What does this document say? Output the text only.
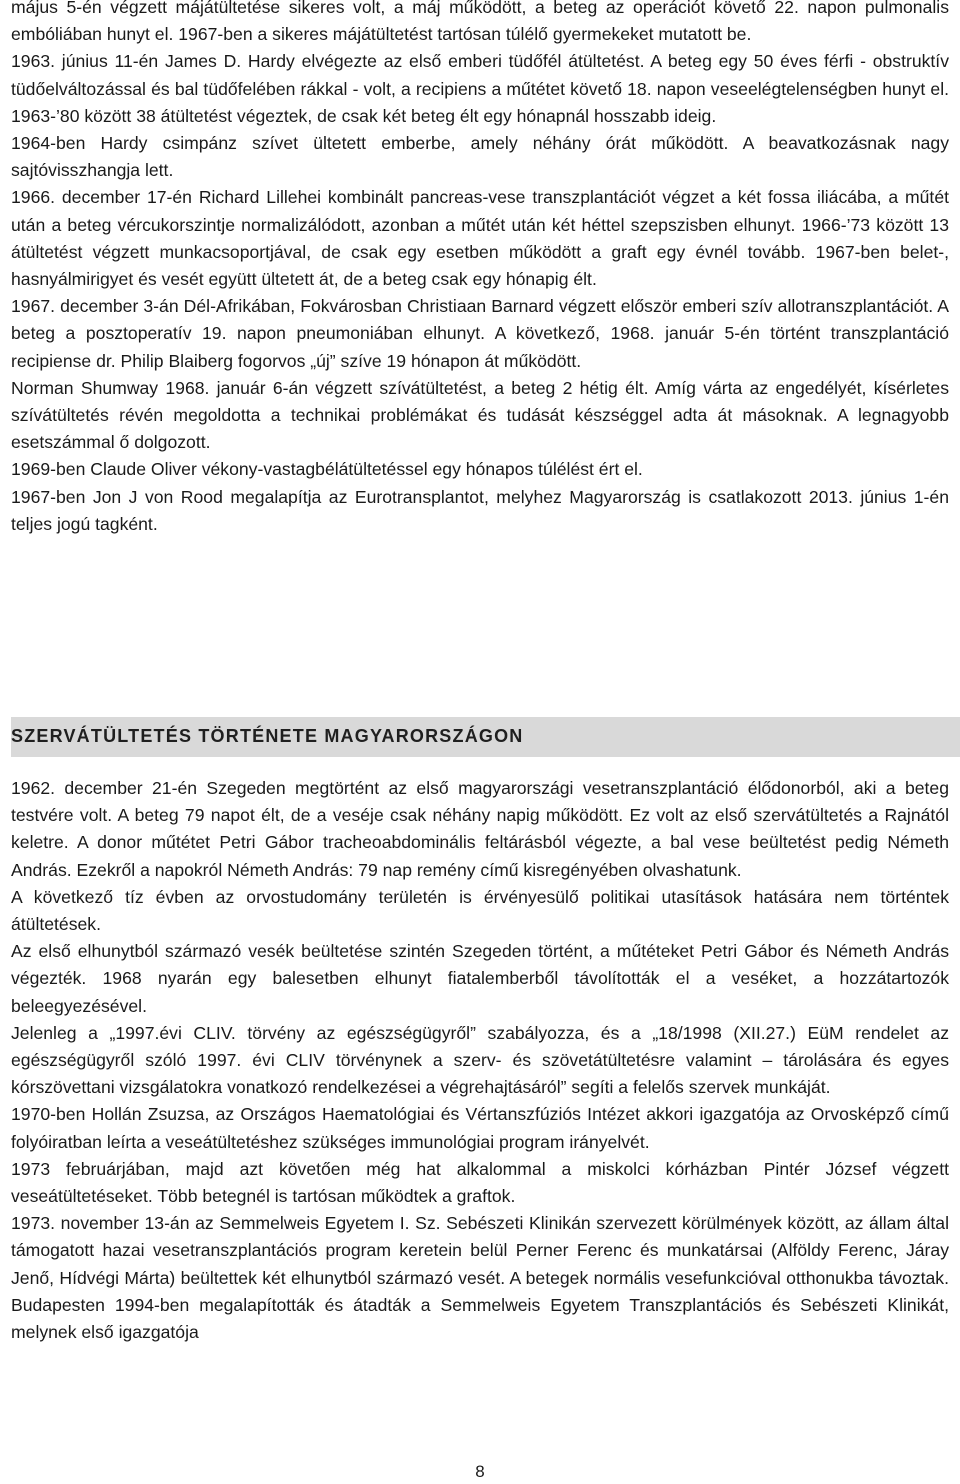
május 5-én végzett májátültetése sikeres volt, a máj működött, a beteg az operációt követő 22. napon pulmonalis embóliában hunyt el. 1967-ben a sikeres májátültetést tartósan túlélő gyermekeket mutatott be.

1963. június 11-én James D. Hardy elvégezte az első emberi tüdőfél átültetést. A beteg egy 50 éves férfi - obstruktív tüdőelváltozással és bal tüdőfelében rákkal - volt, a recipiens a műtétet követő 18. napon veseelégtelenségben hunyt el. 1963-’80 között 38 átültetést végeztek, de csak két beteg élt egy hónapnál hosszabb ideig.

1964-ben Hardy csimpánz szívet ültetett emberbe, amely néhány órát működött. A beavatkozásnak nagy sajtóvisszhangja lett.

1966. december 17-én Richard Lillehei kombinált pancreas-vese transzplantációt végzet a két fossa iliácába, a műtét után a beteg vércukorszintje normalizálódott, azonban a műtét után két héttel szepszisben elhunyt. 1966-’73 között 13 átültetést végzett munkacsoportjával, de csak egy esetben működött a graft egy évnél tovább. 1967-ben belet-, hasnyálmirigyet és vesét együtt ültetett át, de a beteg csak egy hónapig élt.

1967. december 3-án Dél-Afrikában, Fokvárosban Christiaan Barnard végzett először emberi szív allotranszplantációt. A beteg a posztoperatív 19. napon pneumoniában elhunyt. A következő, 1968. január 5-én történt transzplantáció recipiense dr. Philip Blaiberg fogorvos „új” szíve 19 hónapon át működött.

Norman Shumway 1968. január 6-án végzett szívátültetést, a beteg 2 hétig élt. Amíg várta az engedélyét, kísérletes szívátültetés révén megoldotta a technikai problémákat és tudását készséggel adta át másoknak. A legnagyobb esetszámmal ő dolgozott.

1969-ben Claude Oliver vékony-vastagbélátültetéssel egy hónapos túlélést ért el.

1967-ben Jon J von Rood megalapítja az Eurotransplantot, melyhez Magyarország is csatlakozott 2013. június 1-én teljes jogú tagként.

SZERVÁTÜLTETÉS TÖRTÉNETE MAGYARORSZÁGON

1962. december 21-én Szegeden megtörtént az első magyarországi vesetranszplantáció élődonorból, aki a beteg testvére volt. A beteg 79 napot élt, de a veséje csak néhány napig működött. Ez volt az első szervátültetés a Rajnától keletre. A donor műtétet Petri Gábor tracheoabdominális feltárásból végezte, a bal vese beültetést pedig Németh András. Ezekről a napokról Németh András: 79 nap remény című kisregényében olvashatunk.

A következő tíz évben az orvostudomány területén is érvényesülő politikai utasítások hatására nem történtek átültetések.

Az első elhunytból származó vesék beültetése szintén Szegeden történt, a műtéteket Petri Gábor és Németh András végezték. 1968 nyarán egy balesetben elhunyt fiatalemberből távolították el a veséket, a hozzátartozók beleegyezésével.

Jelenleg a „1997.évi CLIV. törvény az egészségügyről” szabályozza, és a „18/1998 (XII.27.) EüM rendelet az egészségügyről szóló 1997. évi CLIV törvénynek a szerv- és szövetátültetésre valamint – tárolására és egyes kórszövettani vizsgálatokra vonatkozó rendelkezései a végrehajtásáról” segíti a felelős szervek munkáját.

1970-ben Hollán Zsuzsa, az Országos Haematológiai és Vértanszfúziós Intézet akkori igazgatója az Orvosképző című folyóiratban leírta a veseátültetéshez szükséges immunológiai program irányelvét.

1973 februárjában, majd azt követően még hat alkalommal a miskolci kórházban Pintér József végzett veseátültetéseket. Több betegnél is tartósan működtek a graftok.

1973. november 13-án az Semmelweis Egyetem I. Sz. Sebészeti Klinikán szervezett körülmények között, az állam által támogatott hazai vesetranszplantációs program keretein belül Perner Ferenc és munkatársai (Alföldy Ferenc, Járay Jenő, Hídvégi Márta) beültettek két elhunytból származó vesét. A betegek normális vesefunkcióval otthonukba távoztak. Budapesten 1994-ben megalapították és átadták a Semmelweis Egyetem Transzplantációs és Sebészeti Klinikát, melynek első igazgatója

8
